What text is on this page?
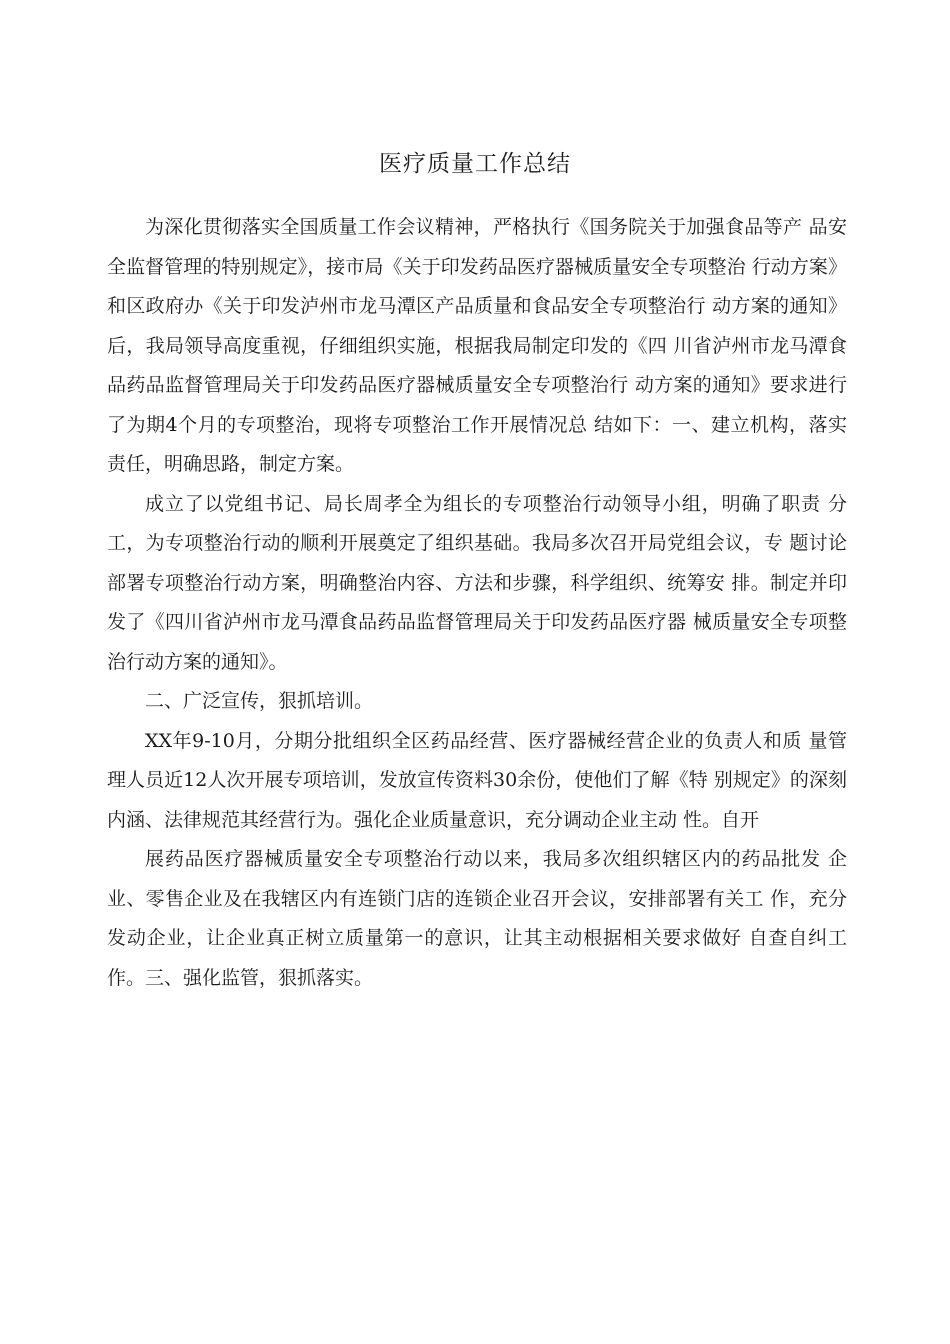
医疗质量工作总结

为深化贯彻落实全国质量工作会议精神，严格执行《国务院关于加强食品等产 品安全监督管理的特别规定》，接市局《关于印发药品医疗器械质量安全专项整治 行动方案》和区政府办《关于印发泸州市龙马潭区产品质量和食品安全专项整治行 动方案的通知》后，我局领导高度重视，仔细组织实施，根据我局制定印发的《四 川省泸州市龙马潭食品药品监督管理局关于印发药品医疗器械质量安全专项整治行 动方案的通知》要求进行了为期4个月的专项整治，现将专项整治工作开展情况总 结如下：一、建立机构，落实责任，明确思路，制定方案。

成立了以党组书记、局长周孝全为组长的专项整治行动领导小组，明确了职责 分工，为专项整治行动的顺利开展奠定了组织基础。我局多次召开局党组会议，专 题讨论部署专项整治行动方案，明确整治内容、方法和步骤，科学组织、统筹安 排。制定并印发了《四川省泸州市龙马潭食品药品监督管理局关于印发药品医疗器 械质量安全专项整治行动方案的通知》。

二、广泛宣传，狠抓培训。

XX年9-10月，分期分批组织全区药品经营、医疗器械经营企业的负责人和质 量管理人员近12人次开展专项培训，发放宣传资料30余份，使他们了解《特 别规定》的深刻内涵、法律规范其经营行为。强化企业质量意识，充分调动企业主动 性。自开

展药品医疗器械质量安全专项整治行动以来，我局多次组织辖区内的药品批发 企业、零售企业及在我辖区内有连锁门店的连锁企业召开会议，安排部署有关工 作，充分发动企业，让企业真正树立质量第一的意识，让其主动根据相关要求做好 自查自纠工作。三、强化监管，狠抓落实。
